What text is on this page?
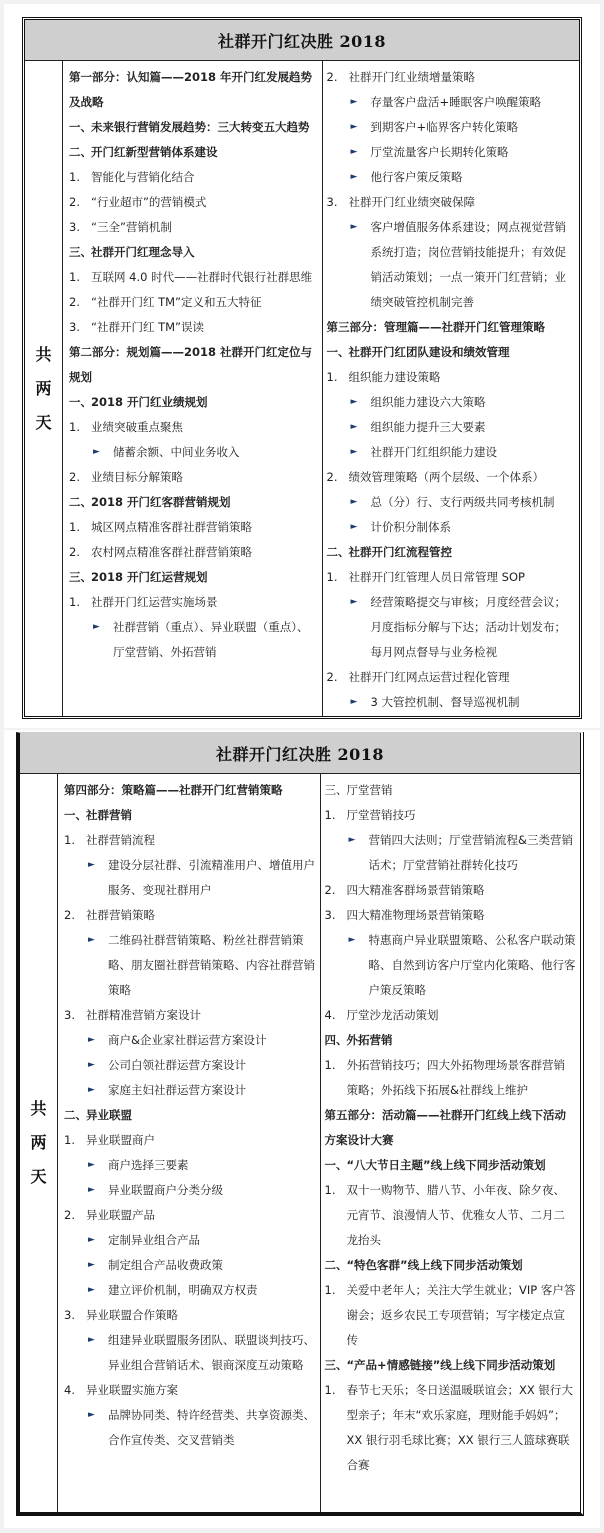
社群开门红决胜 2018
共
两
天
第一部分：认知篇——2018 年开门红发展趋势及战略
一、 未来银行营销发展趋势：三大转变五大趋势
二、 开门红新型营销体系建设
1. 智能化与营销化结合
2. “行业超市”的营销模式
3. “三全”营销机制
三、 社群开门红理念导入
1. 互联网 4.0 时代——社群时代银行社群思维
2. “社群开门红 TM”定义和五大特征
3. “社群开门红 TM”误读
第二部分：规划篇——2018 社群开门红定位与规划
一、 2018 开门红业绩规划
1. 业绩突破重点聚焦
►	储蓄余额、中间业务收入
2. 业绩目标分解策略
二、 2018 开门红客群营销规划
1. 城区网点精准客群社群营销策略
2. 农村网点精准客群社群营销策略
三、 2018 开门红运营规划
1. 社群开门红运营实施场景
►	社群营销（重点）、异业联盟（重点）、厅堂营销、外拓营销
2. 社群开门红业绩增量策略
►	存量客户盘活+睡眠客户唤醒策略
►	到期客户+临界客户转化策略
►	厅堂流量客户长期转化策略
►	他行客户策反策略
3. 社群开门红业绩突破保障
►	客户增值服务体系建设；网点视觉营销系统打造；岗位营销技能提升；有效促销活动策划；一点一策开门红营销；业绩突破管控机制完善
第三部分：管理篇——社群开门红管理策略
一、 社群开门红团队建设和绩效管理
1. 组织能力建设策略
►	组织能力建设六大策略
►	组织能力提升三大要素
►	社群开门红组织能力建设
2. 绩效管理策略（两个层级、一个体系）
►	总（分）行、支行两级共同考核机制
►	计价积分制体系
二、 社群开门红流程管控
1. 社群开门红管理人员日常管理 SOP
►	经营策略提交与审核；月度经营会议；月度指标分解与下达；活动计划发布；每月网点督导与业务检视
2. 社群开门红网点运营过程化管理
►	3 大管控机制、督导巡视机制
社群开门红决胜 2018
共
两
天
第四部分：策略篇——社群开门红营销策略
一、 社群营销
1. 社群营销流程
►	建设分层社群、引流精准用户、增值用户服务、变现社群用户
2. 社群营销策略
►	二维码社群营销策略、粉丝社群营销策略、朋友圈社群营销策略、内容社群营销策略
3. 社群精准营销方案设计
►	商户&企业家社群运营方案设计
►	公司白领社群运营方案设计
►	家庭主妇社群运营方案设计
二、 异业联盟
1. 异业联盟商户
►	商户选择三要素
►	异业联盟商户分类分级
2. 异业联盟产品
►	定制异业组合产品
►	制定组合产品收费政策
►	建立评价机制，明确双方权责
3. 异业联盟合作策略
►	组建异业联盟服务团队、联盟谈判技巧、异业组合营销话术、银商深度互动策略
4. 异业联盟实施方案
►	品牌协同类、特许经营类、共享资源类、合作宣传类、交叉营销类
三、 厅堂营销
1. 厅堂营销技巧
►	营销四大法则；厅堂营销流程&三类营销话术；厅堂营销社群转化技巧
2. 四大精准客群场景营销策略
3. 四大精准物理场景营销策略
►	特惠商户异业联盟策略、公私客户联动策略、自然到访客户厅堂内化策略、他行客户策反策略
4. 厅堂沙龙活动策划
四、 外拓营销
1. 外拓营销技巧；四大外拓物理场景客群营销策略；外拓线下拓展&社群线上维护
第五部分：活动篇——社群开门红线上线下活动方案设计大赛
一、 “八大节日主题”线上线下同步活动策划
1. 双十一购物节、腊八节、小年夜、除夕夜、元宵节、浪漫情人节、优雅女人节、二月二龙抬头
二、 “特色客群”线上线下同步活动策划
1. 关爱中老年人；关注大学生就业；VIP 客户答谢会；返乡农民工专项营销；写字楼定点宣传
三、 “产品+情感链接”线上线下同步活动策划
1. 春节七天乐；冬日送温暖联谊会；XX 银行大型亲子；年末“欢乐家庭，理财能手妈妈”；XX 银行羽毛球比赛；XX 银行三人篮球赛联合赛
